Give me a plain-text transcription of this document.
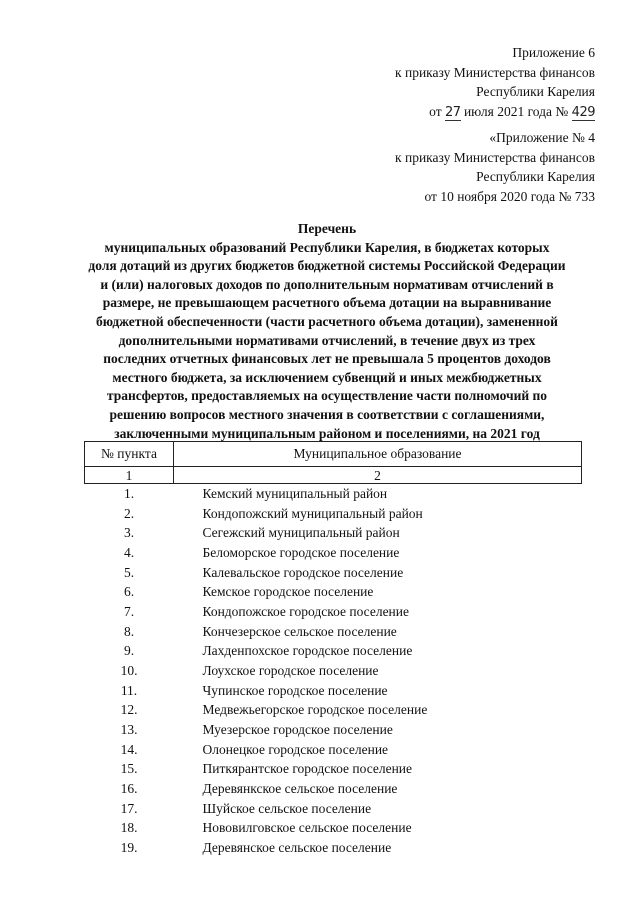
Приложение 6
к приказу Министерства финансов
Республики Карелия
от 27 июля 2021 года № 429
«Приложение № 4
к приказу Министерства финансов
Республики Карелия
от 10 ноября 2020 года № 733
Перечень
муниципальных образований Республики Карелия, в бюджетах которых
доля дотаций из других бюджетов бюджетной системы Российской Федерации
и (или) налоговых доходов по дополнительным нормативам отчислений в
размере, не превышающем расчетного объема дотации на выравнивание
бюджетной обеспеченности (части расчетного объема дотации), замененной
дополнительными нормативами отчислений, в течение двух из трех
последних отчетных финансовых лет не превышала 5 процентов доходов
местного бюджета, за исключением субвенций и иных межбюджетных
трансфертов, предоставляемых на осуществление части полномочий по
решению вопросов местного значения в соответствии с соглашениями,
заключенными муниципальным районом и поселениями, на 2021 год
№ пункта	Муниципальное образование
1	2
1.	Кемский муниципальный район
2.	Кондопожский муниципальный район
3.	Сегежский муниципальный район
4.	Беломорское городское поселение
5.	Калевальское городское поселение
6.	Кемское городское поселение
7.	Кондопожское городское поселение
8.	Кончезерское сельское поселение
9.	Лахденпохское городское поселение
10.	Лоухское городское поселение
11.	Чупинское городское поселение
12.	Медвежьегорское городское поселение
13.	Муезерское городское поселение
14.	Олонецкое городское поселение
15.	Питкярантское городское поселение
16.	Деревянкское сельское поселение
17.	Шуйское сельское поселение
18.	Нововилговское сельское поселение
19.	Деревянское сельское поселение
